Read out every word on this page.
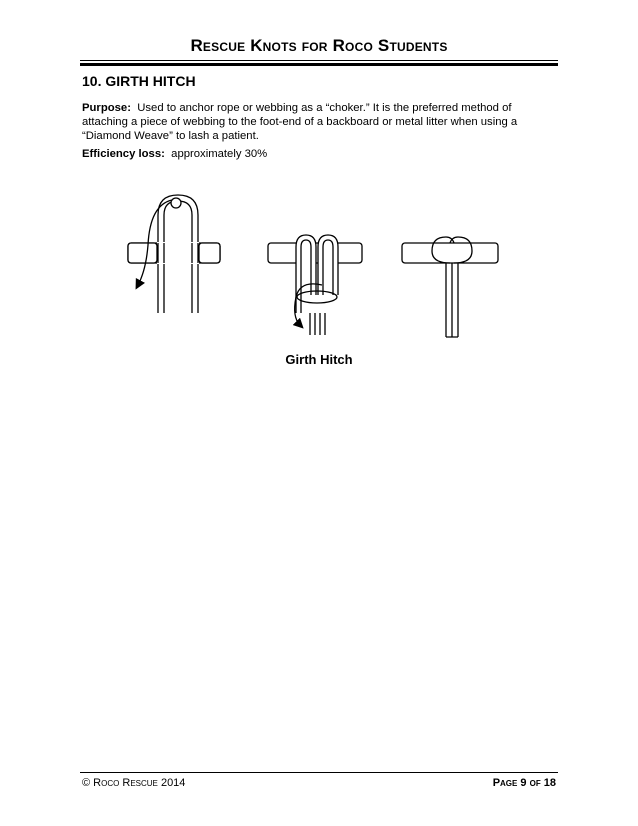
Rescue Knots for Roco Students
10. GIRTH HITCH
Purpose: Used to anchor rope or webbing as a “choker.” It is the preferred method of attaching a piece of webbing to the foot-end of a backboard or metal litter when using a “Diamond Weave” to lash a patient.
Efficiency loss: approximately 30%
Girth Hitch
© Roco Rescue 2014	Page 9 of 18
